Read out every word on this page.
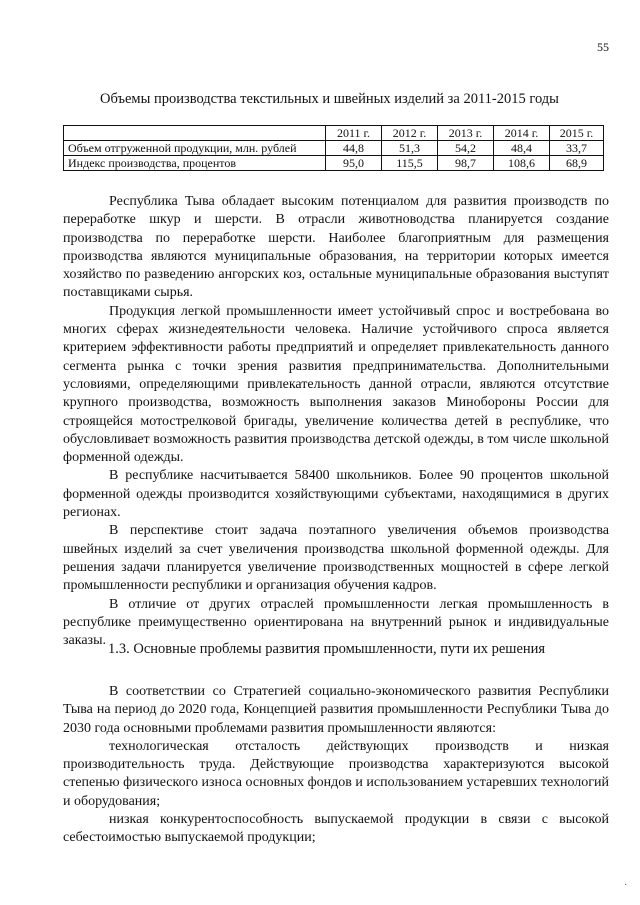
55
Объемы производства текстильных и швейных изделий за 2011-2015 годы
	2011 г.	2012 г.	2013 г.	2014 г.	2015 г.
Объем отгруженной продукции, млн. рублей	44,8	51,3	54,2	48,4	33,7
Индекс производства, процентов	95,0	115,5	98,7	108,6	68,9

Республика Тыва обладает высоким потенциалом для развития производств по переработке шкур и шерсти. В отрасли животноводства планируется создание производства по переработке шерсти. Наиболее благоприятным для размещения производства являются муниципальные образования, на территории которых имеется хозяйство по разведению ангорских коз, остальные муниципальные образования выступят поставщиками сырья.

Продукция легкой промышленности имеет устойчивый спрос и востребована во многих сферах жизнедеятельности человека. Наличие устойчивого спроса является критерием эффективности работы предприятий и определяет привлекательность данного сегмента рынка с точки зрения развития предпринимательства. Дополнительными условиями, определяющими привлекательность данной отрасли, являются отсутствие крупного производства, возможность выполнения заказов Минобороны России для строящейся мотострелковой бригады, увеличение количества детей в республике, что обусловливает возможность развития производства детской одежды, в том числе школьной форменной одежды.

В республике насчитывается 58400 школьников. Более 90 процентов школьной форменной одежды производится хозяйствующими субъектами, находящимися в других регионах.

В перспективе стоит задача поэтапного увеличения объемов производства швейных изделий за счет увеличения производства школьной форменной одежды. Для решения задачи планируется увеличение производственных мощностей в сфере легкой промышленности республики и организация обучения кадров.

В отличие от других отраслей промышленности легкая промышленность в республике преимущественно ориентирована на внутренний рынок и индивидуальные заказы.

1.3. Основные проблемы развития промышленности, пути их решения

В соответствии со Стратегией социально-экономического развития Республики Тыва на период до 2020 года, Концепцией развития промышленности Республики Тыва до 2030 года основными проблемами развития промышленности являются:

технологическая отсталость действующих производств и низкая производительность труда. Действующие производства характеризуются высокой степенью физического износа основных фондов и использованием устаревших технологий и оборудования;

низкая конкурентоспособность выпускаемой продукции в связи с высокой себестоимостью выпускаемой продукции;

·
